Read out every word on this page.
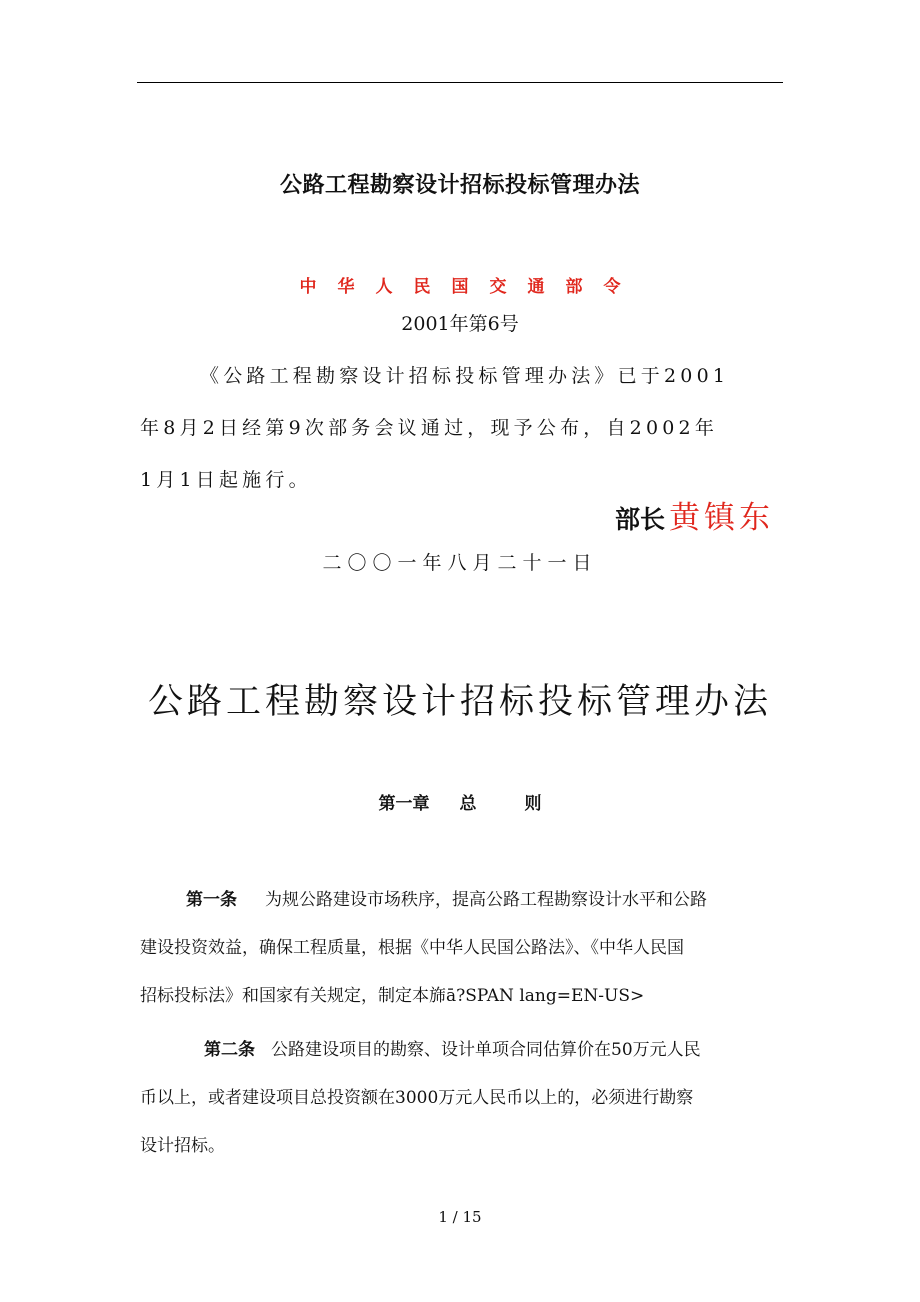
公路工程勘察设计招标投标管理办法
中华人民国交通部令
2001年第6号
《公路工程勘察设计招标投标管理办法》已于2001
年8月2日经第9次部务会议通过，现予公布，自2002年
1月1日起施行。
部长 黄镇东
二〇〇一年八月二十一日
公路工程勘察设计招标投标管理办法
第一章 总	则
第一条 为规公路建设市场秩序，提高公路工程勘察设计水平和公路
建设投资效益，确保工程质量，根据《中华人民国公路法》、《中华人民国
招标投标法》和国家有关规定，制定本旆ā?SPAN lang=EN-US>
第二条 公路建设项目的勘察、设计单项合同估算价在50万元人民
币以上，或者建设项目总投资额在3000万元人民币以上的，必须进行勘察
设计招标。
1 / 15
